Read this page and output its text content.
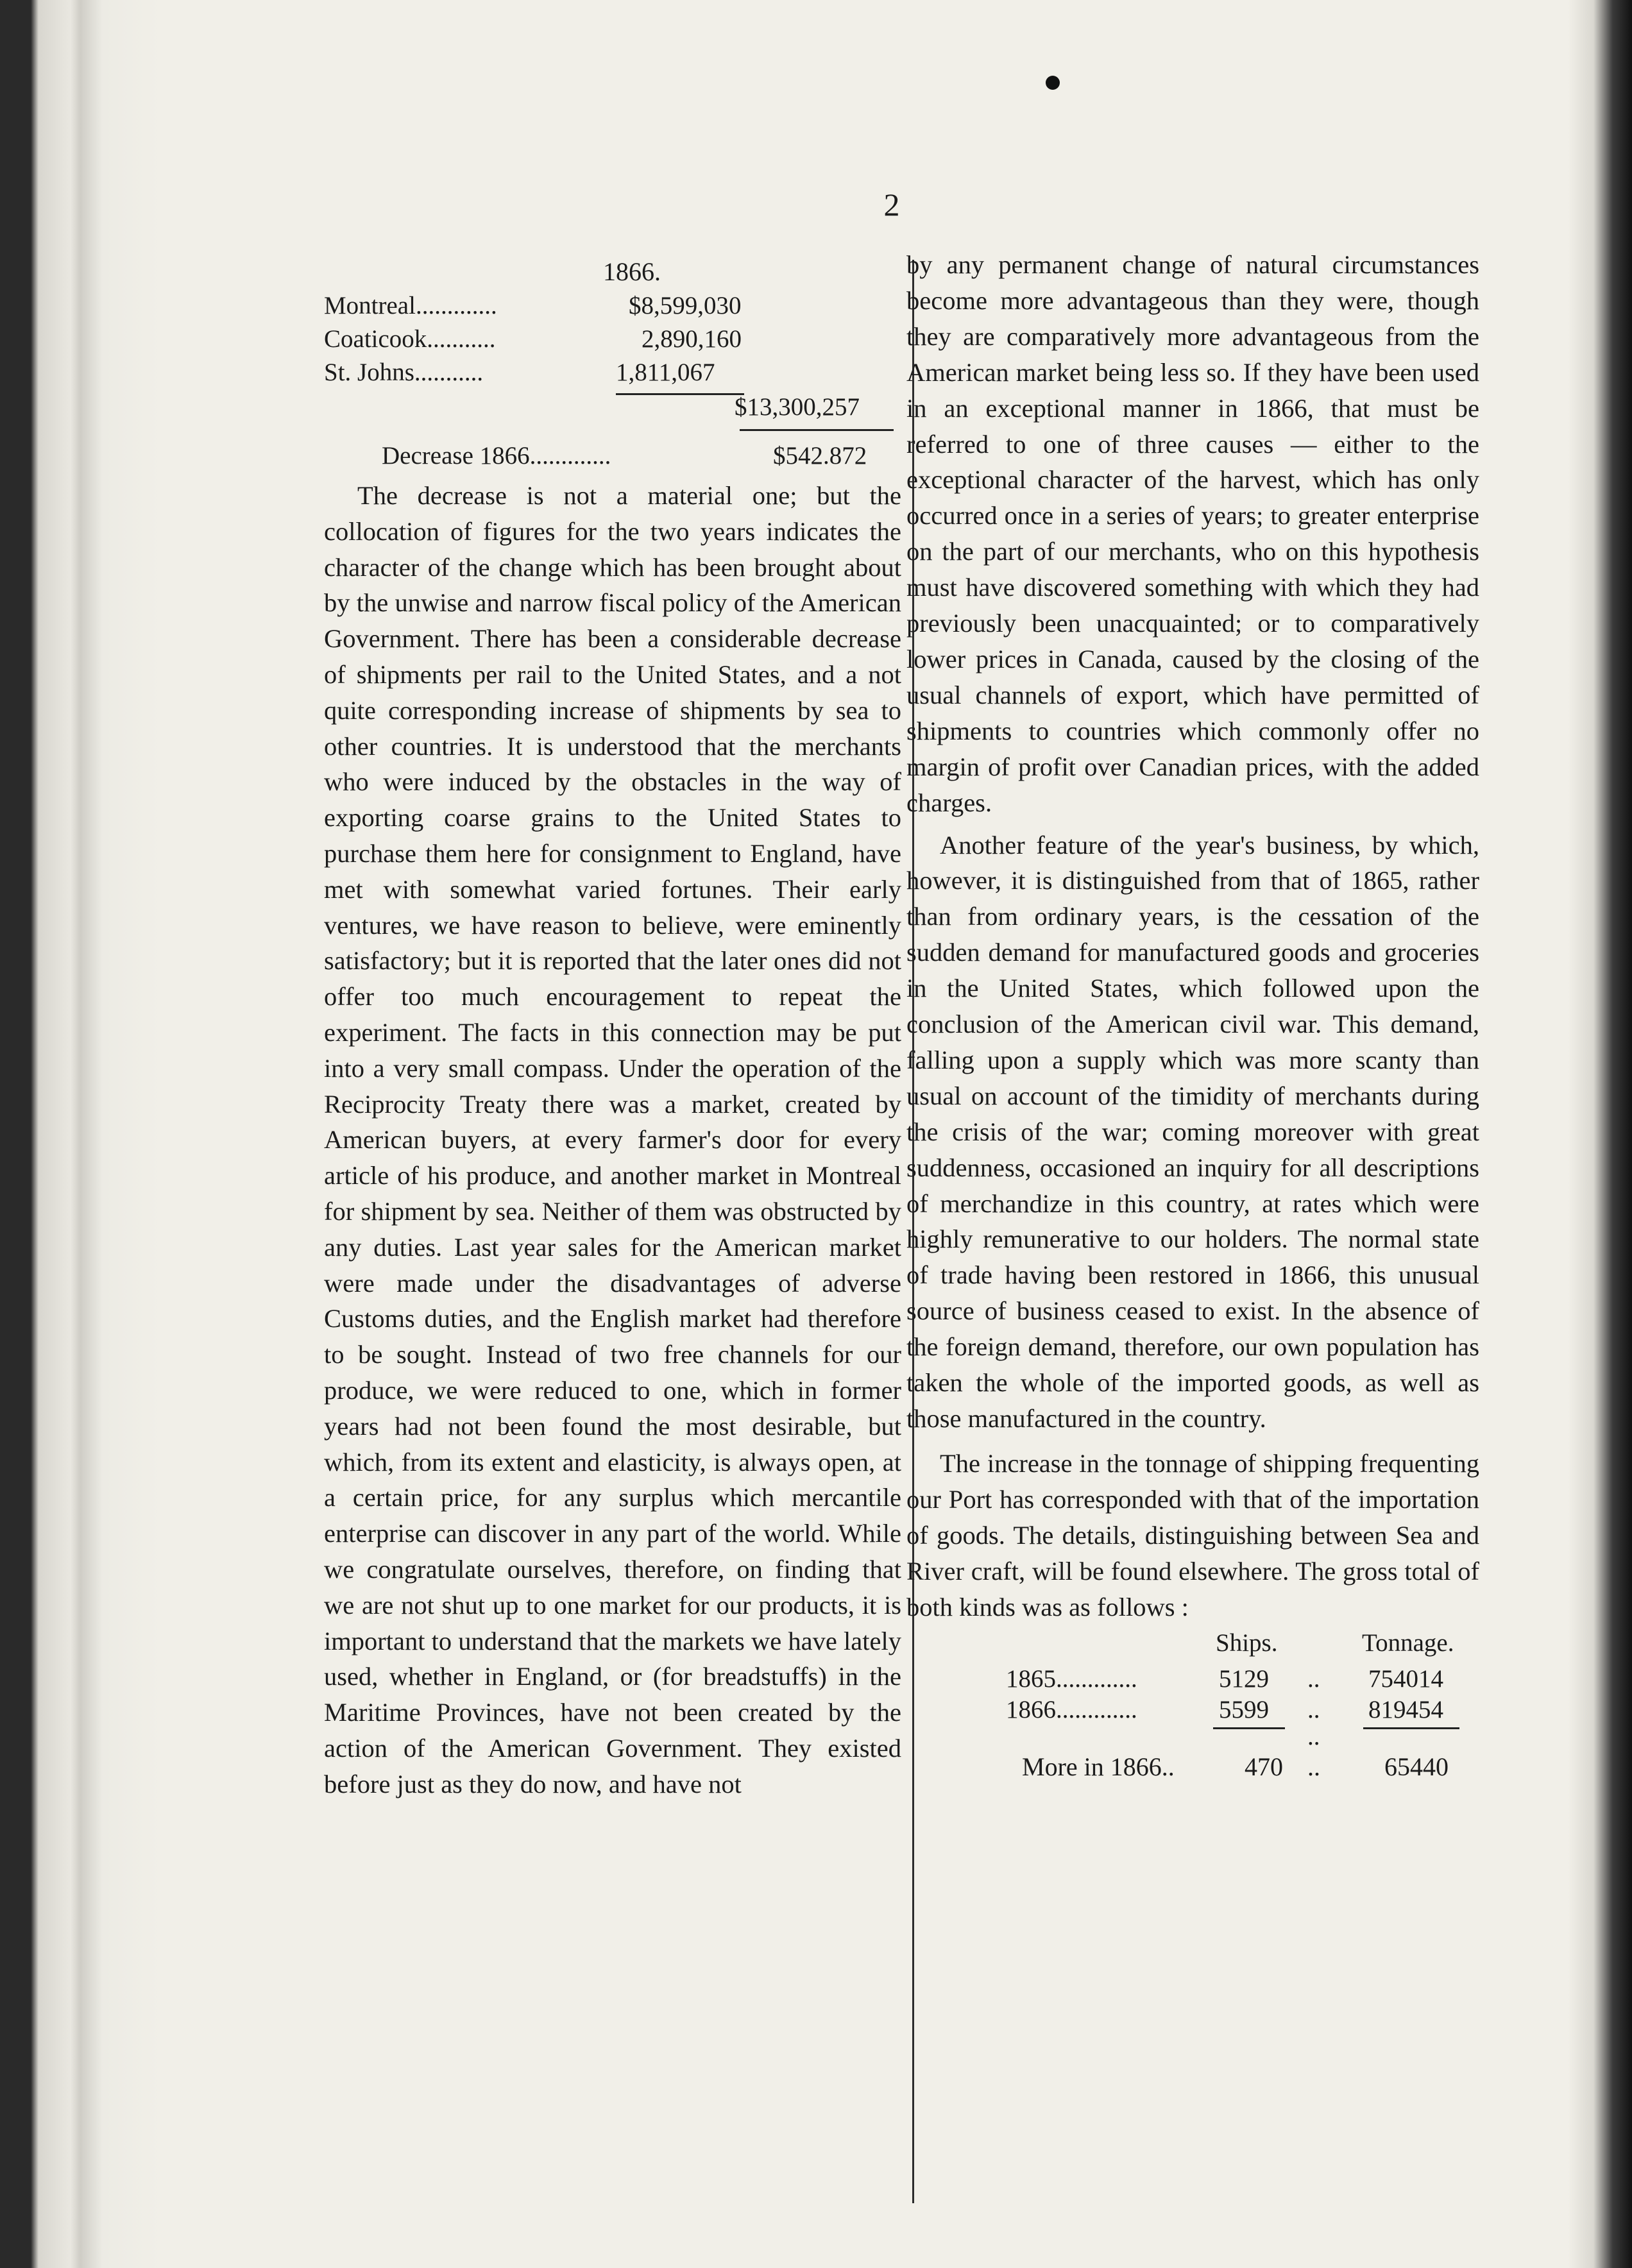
2
1866.
Montreal.............	$8,599,030
Coaticook...........	2,890,160
St. Johns...........	1,811,067
$13,300,257
Decrease 1866.............	$542.872

The decrease is not a material one; but the collocation of figures for the two years indicates the character of the change which has been brought about by the unwise and narrow fiscal policy of the American Government. There has been a considerable decrease of shipments per rail to the United States, and a not quite corresponding increase of shipments by sea to other countries. It is understood that the merchants who were induced by the obstacles in the way of exporting coarse grains to the United States to purchase them here for consignment to England, have met with somewhat varied fortunes. Their early ventures, we have reason to believe, were eminently satisfactory; but it is reported that the later ones did not offer too much encouragement to repeat the experiment. The facts in this connection may be put into a very small compass. Under the operation of the Reciprocity Treaty there was a market, created by American buyers, at every farmer's door for every article of his produce, and another market in Montreal for shipment by sea. Neither of them was obstructed by any duties. Last year sales for the American market were made under the disadvantages of adverse Customs duties, and the English market had therefore to be sought. Instead of two free channels for our produce, we were reduced to one, which in former years had not been found the most desirable, but which, from its extent and elasticity, is always open, at a certain price, for any surplus which mercantile enterprise can discover in any part of the world. While we congratulate ourselves, therefore, on finding that we are not shut up to one market for our products, it is important to understand that the markets we have lately used, whether in England, or (for breadstuffs) in the Maritime Provinces, have not been created by the action of the American Government. They existed before just as they do now, and have not

by any permanent change of natural circumstances become more advantageous than they were, though they are comparatively more advantageous from the American market being less so. If they have been used in an exceptional manner in 1866, that must be referred to one of three causes — either to the exceptional character of the harvest, which has only occurred once in a series of years; to greater enterprise on the part of our merchants, who on this hypothesis must have discovered something with which they had previously been unacquainted; or to comparatively lower prices in Canada, caused by the closing of the usual channels of export, which have permitted of shipments to countries which commonly offer no margin of profit over Canadian prices, with the added charges.

Another feature of the year's business, by which, however, it is distinguished from that of 1865, rather than from ordinary years, is the cessation of the sudden demand for manufactured goods and groceries in the United States, which followed upon the conclusion of the American civil war. This demand, falling upon a supply which was more scanty than usual on account of the timidity of merchants during the crisis of the war; coming moreover with great suddenness, occasioned an inquiry for all descriptions of merchandize in this country, at rates which were highly remunerative to our holders. The normal state of trade having been restored in 1866, this unusual source of business ceased to exist. In the absence of the foreign demand, therefore, our own population has taken the whole of the imported goods, as well as those manufactured in the country.

The increase in the tonnage of shipping frequenting our Port has corresponded with that of the importation of goods. The details, distinguishing between Sea and River craft, will be found elsewhere. The gross total of both kinds was as follows :

Ships.	Tonnage.
1865.............	5129 .. 754014
1866.............	5599 .. 819454
..
More in 1866..	470 ..	65440
